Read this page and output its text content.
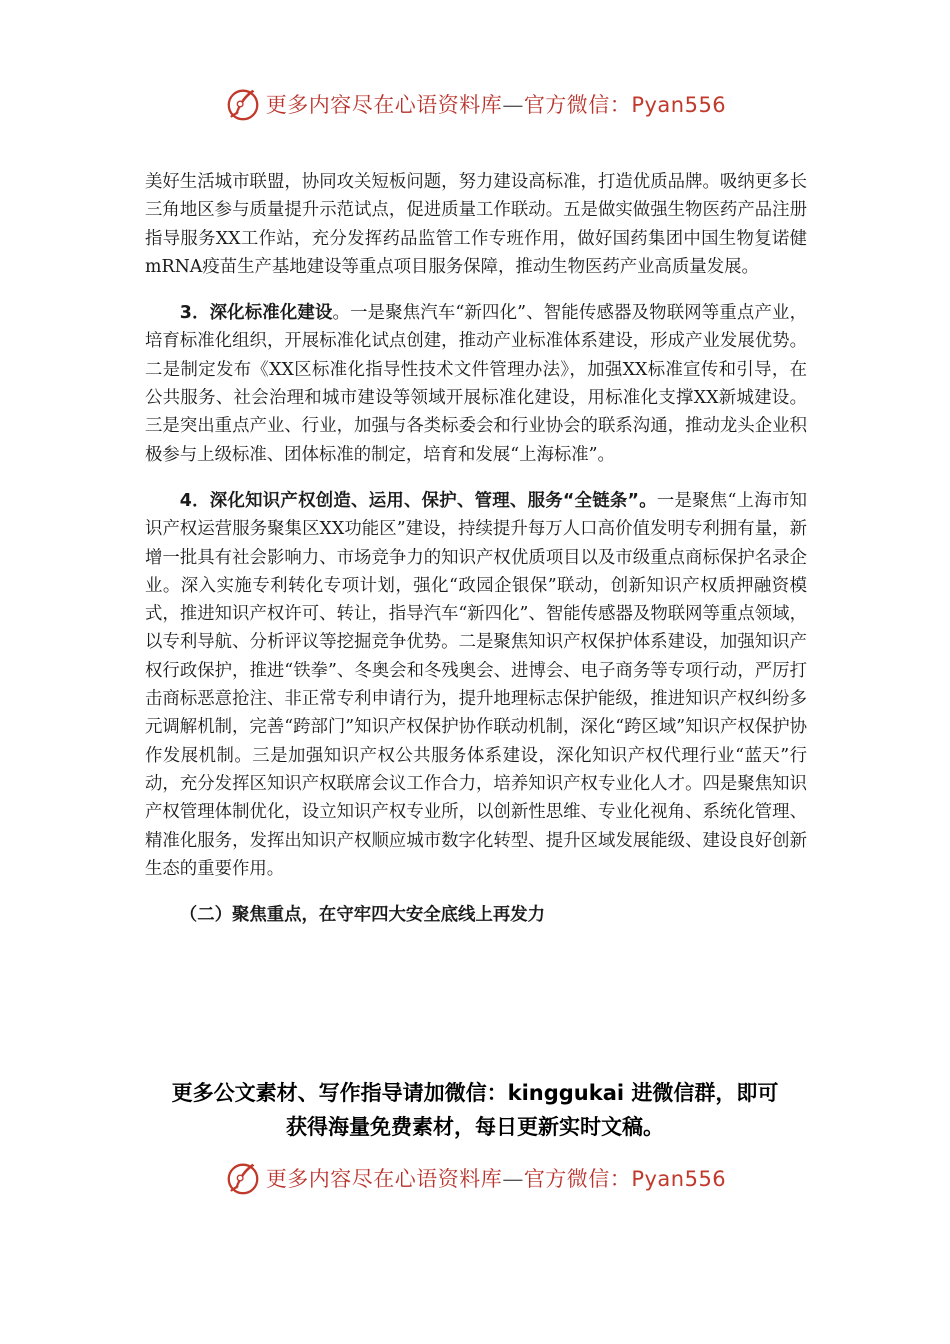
更多内容尽在心语资料库—官方微信：Pyan556

美好生活城市联盟，协同攻关短板问题，努力建设高标准，打造优质品牌。吸纳更多长三角地区参与质量提升示范试点，促进质量工作联动。五是做实做强生物医药产品注册指导服务XX工作站，充分发挥药品监管工作专班作用，做好国药集团中国生物复诺健mRNA疫苗生产基地建设等重点项目服务保障，推动生物医药产业高质量发展。

3．深化标准化建设。一是聚焦汽车“新四化”、智能传感器及物联网等重点产业，培育标准化组织，开展标准化试点创建，推动产业标准体系建设，形成产业发展优势。二是制定发布《XX区标准化指导性技术文件管理办法》，加强XX标准宣传和引导，在公共服务、社会治理和城市建设等领域开展标准化建设，用标准化支撑XX新城建设。三是突出重点产业、行业，加强与各类标委会和行业协会的联系沟通，推动龙头企业积极参与上级标准、团体标准的制定，培育和发展“上海标准”。

4．深化知识产权创造、运用、保护、管理、服务“全链条”。一是聚焦“上海市知识产权运营服务聚集区XX功能区”建设，持续提升每万人口高价值发明专利拥有量，新增一批具有社会影响力、市场竞争力的知识产权优质项目以及市级重点商标保护名录企业。深入实施专利转化专项计划，强化“政园企银保”联动，创新知识产权质押融资模式，推进知识产权许可、转让，指导汽车“新四化”、智能传感器及物联网等重点领域，以专利导航、分析评议等挖掘竞争优势。二是聚焦知识产权保护体系建设，加强知识产权行政保护，推进“铁拳”、冬奥会和冬残奥会、进博会、电子商务等专项行动，严厉打击商标恶意抢注、非正常专利申请行为，提升地理标志保护能级，推进知识产权纠纷多元调解机制，完善“跨部门”知识产权保护协作联动机制，深化“跨区域”知识产权保护协作发展机制。三是加强知识产权公共服务体系建设，深化知识产权代理行业“蓝天”行动，充分发挥区知识产权联席会议工作合力，培养知识产权专业化人才。四是聚焦知识产权管理体制优化，设立知识产权专业所，以创新性思维、专业化视角、系统化管理、精准化服务，发挥出知识产权顺应城市数字化转型、提升区域发展能级、建设良好创新生态的重要作用。

（二）聚焦重点，在守牢四大安全底线上再发力

更多公文素材、写作指导请加微信：kinggukai 进微信群，即可
获得海量免费素材，每日更新实时文稿。
更多内容尽在心语资料库—官方微信：Pyan556
